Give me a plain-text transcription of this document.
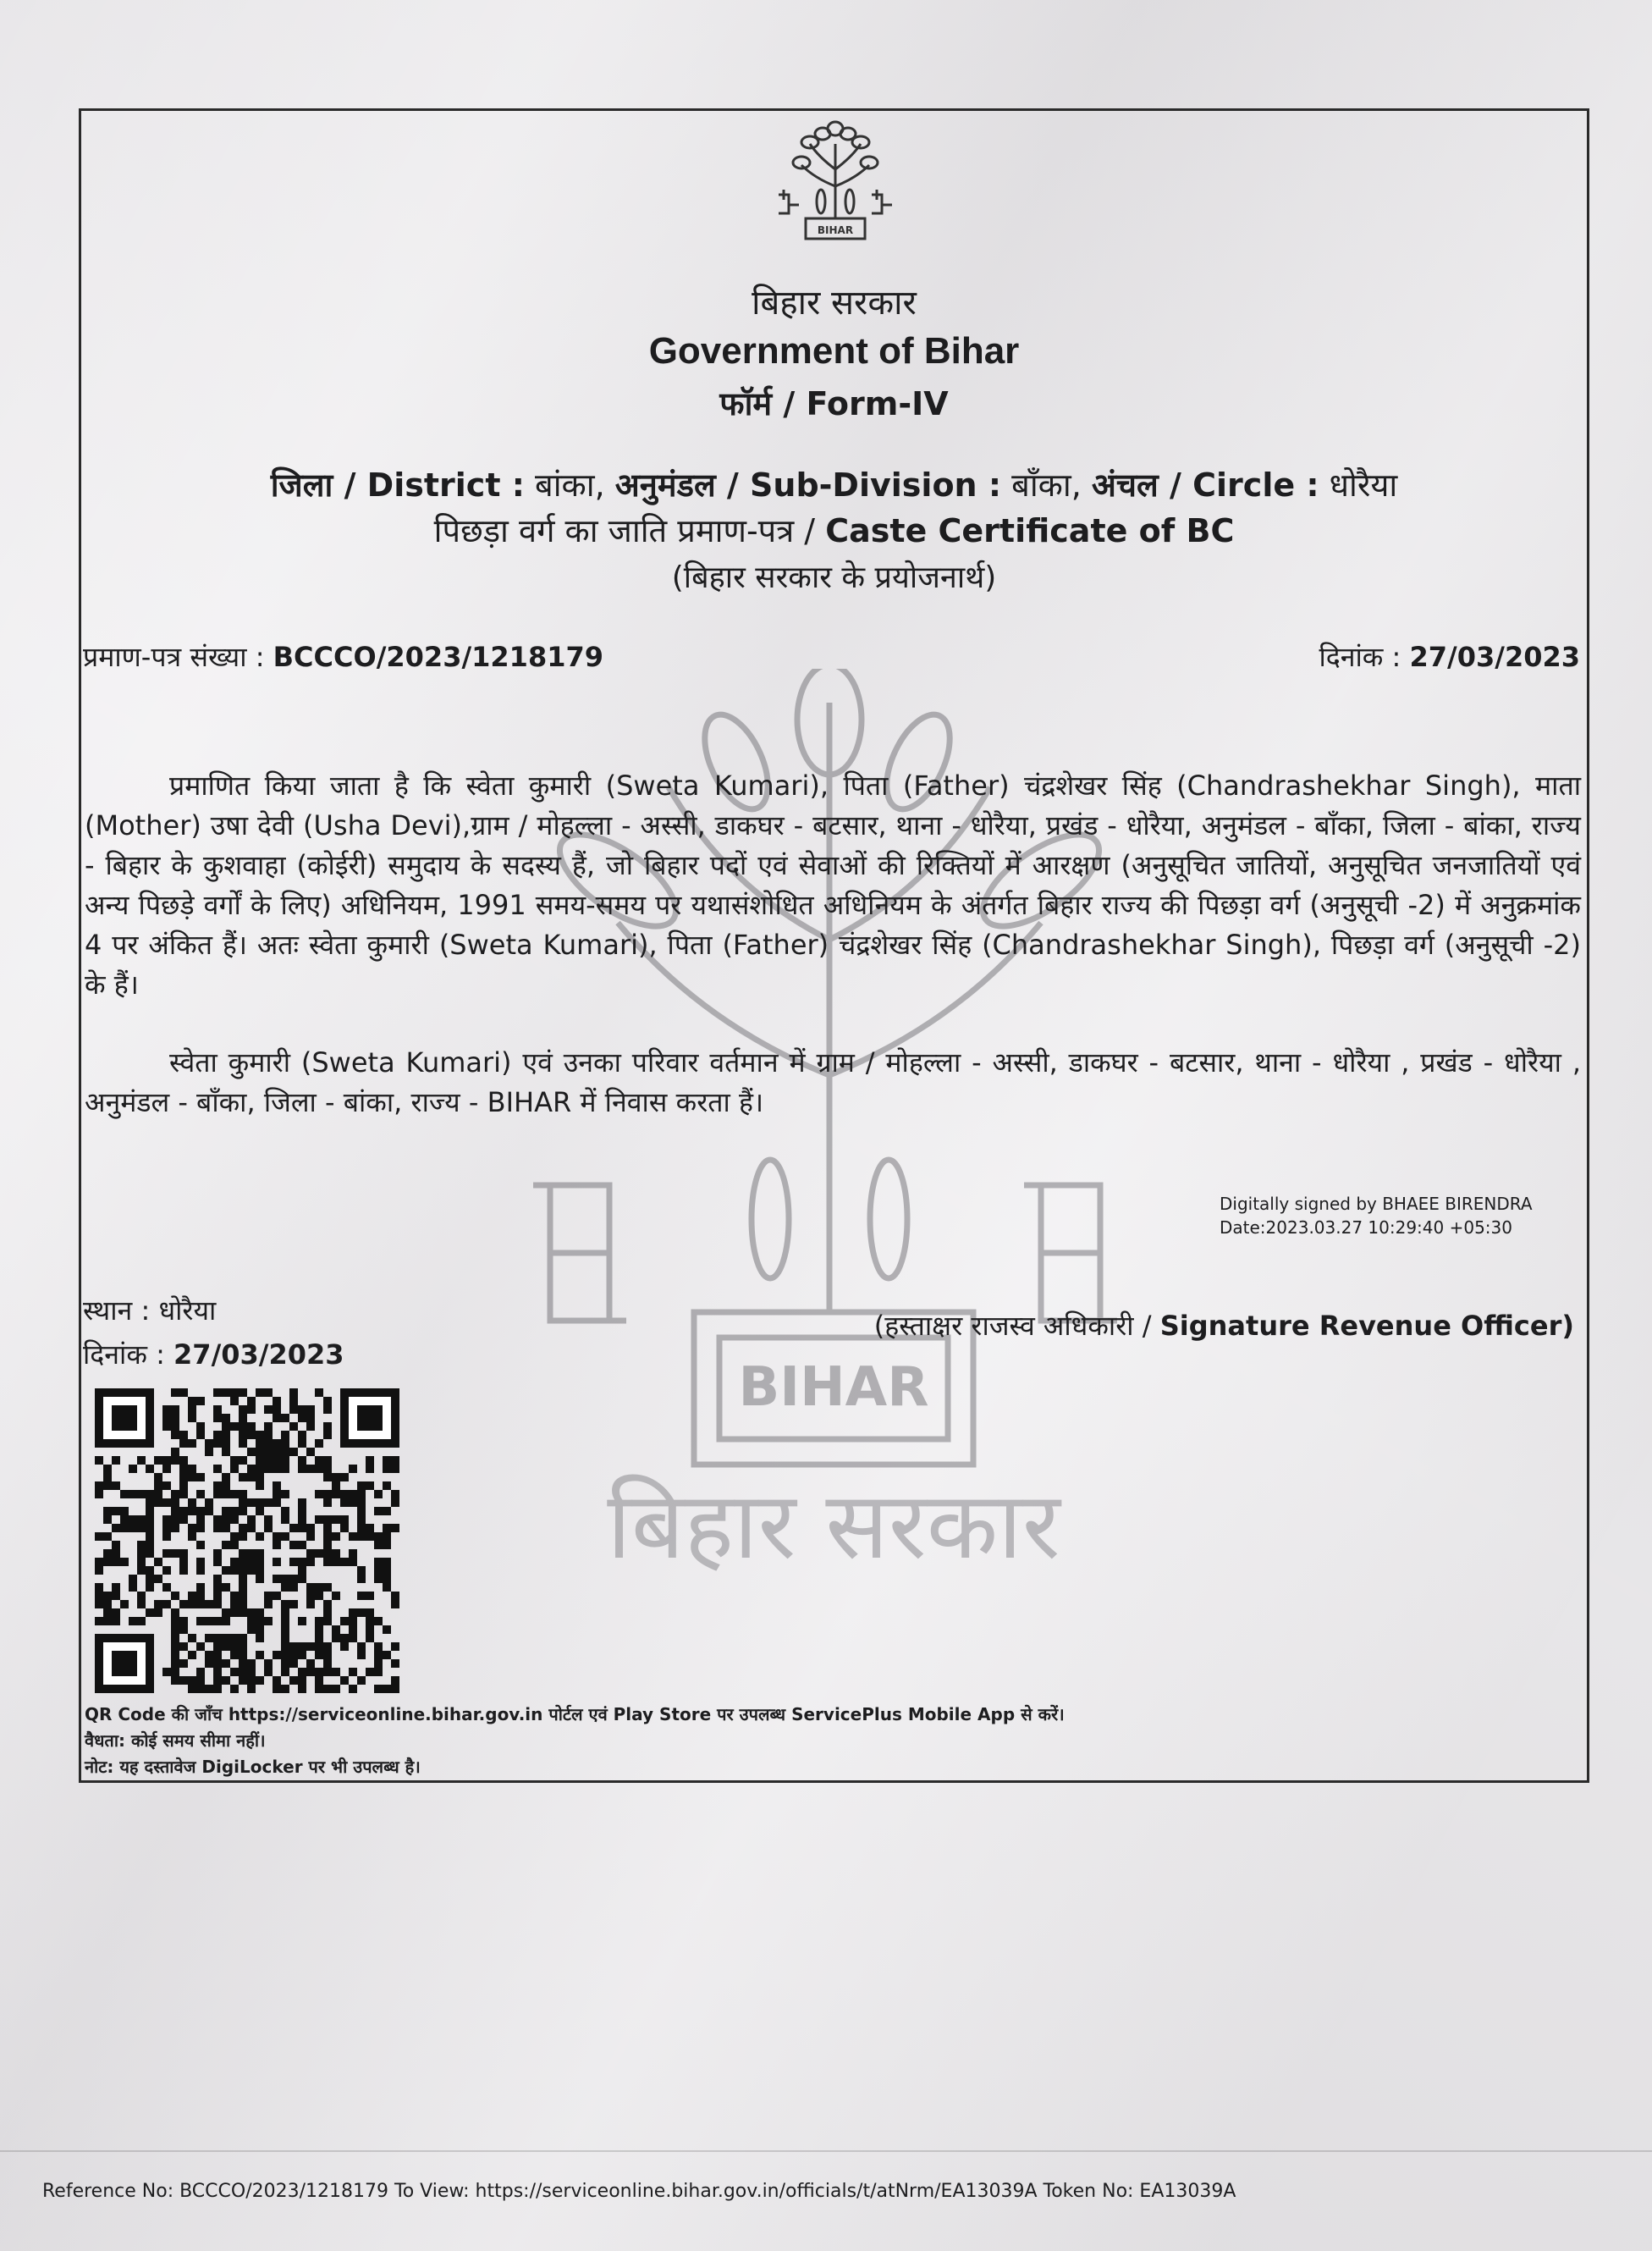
BIHAR
BIHAR
बिहार सरकार
बिहार सरकार
Government of Bihar
फॉर्म / Form-IV
जिला / District : बांका, अनुमंडल / Sub-Division : बाँका, अंचल / Circle : धोरैया
पिछड़ा वर्ग का जाति प्रमाण-पत्र / Caste Certificate of BC
(बिहार सरकार के प्रयोजनार्थ)
प्रमाण-पत्र संख्या : BCCCO/2023/1218179	दिनांक : 27/03/2023

प्रमाणित किया जाता है कि स्वेता कुमारी (Sweta Kumari), पिता (Father) चंद्रशेखर सिंह (Chandrashekhar Singh), माता (Mother) उषा देवी (Usha Devi),ग्राम / मोहल्ला - अस्सी, डाकघर - बटसार, थाना - धोरैया, प्रखंड - धोरैया, अनुमंडल - बाँका, जिला - बांका, राज्य - बिहार के कुशवाहा (कोईरी) समुदाय के सदस्य हैं, जो बिहार पदों एवं सेवाओं की रिक्तियों में आरक्षण (अनुसूचित जातियों, अनुसूचित जनजातियों एवं अन्य पिछड़े वर्गों के लिए) अधिनियम, 1991 समय-समय पर यथासंशोधित अधिनियम के अंतर्गत बिहार राज्य की पिछड़ा वर्ग (अनुसूची -2) में अनुक्रमांक 4 पर अंकित हैं। अतः स्वेता कुमारी (Sweta Kumari), पिता (Father) चंद्रशेखर सिंह (Chandrashekhar Singh), पिछड़ा वर्ग (अनुसूची -2) के हैं।

स्वेता कुमारी (Sweta Kumari) एवं उनका परिवार वर्तमान में ग्राम / मोहल्ला - अस्सी, डाकघर - बटसार, थाना - धोरैया , प्रखंड - धोरैया , अनुमंडल - बाँका, जिला - बांका, राज्य - BIHAR में निवास करता हैं।

Digitally signed by BHAEE BIRENDRA
Date:2023.03.27 10:29:40 +05:30
स्थान : धोरैया
दिनांक : 27/03/2023
(हस्ताक्षर राजस्व अधिकारी / Signature Revenue Officer)
QR Code की जाँच https://serviceonline.bihar.gov.in पोर्टल एवं Play Store पर उपलब्ध ServicePlus Mobile App से करें।
वैधता: कोई समय सीमा नहीं।
नोट: यह दस्तावेज DigiLocker पर भी उपलब्ध है।
Reference No: BCCCO/2023/1218179 To View: https://serviceonline.bihar.gov.in/officials/t/atNrm/EA13039A Token No: EA13039A
